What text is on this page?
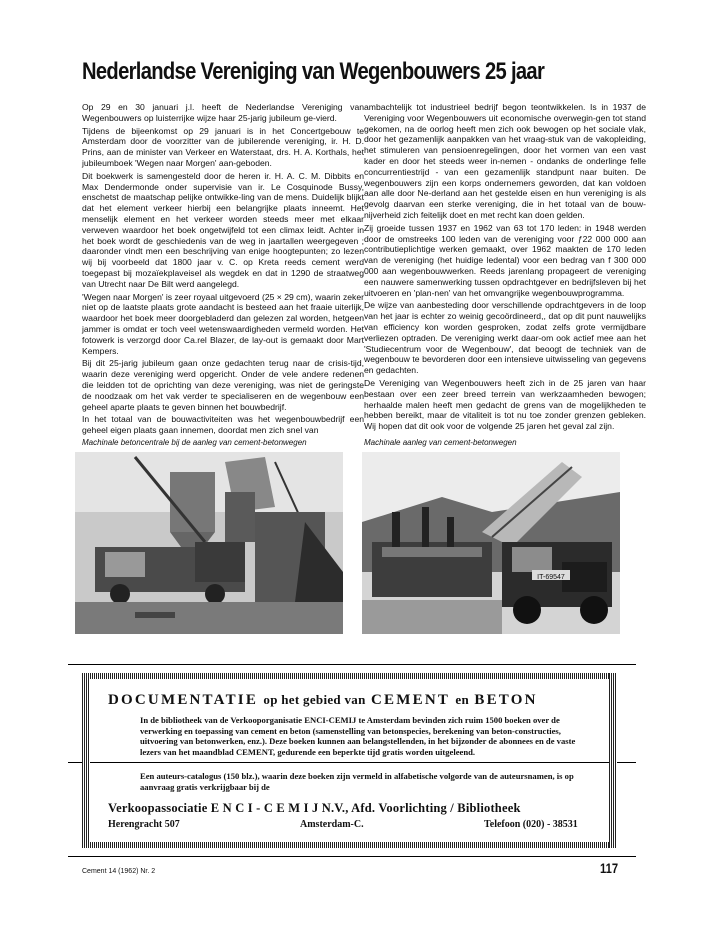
Nederlandse Vereniging van Wegenbouwers 25 jaar

Op 29 en 30 januari j.l. heeft de Nederlandse Vereniging van Wegenbouwers op luisterrijke wijze haar 25-jarig jubileum ge-vierd.

Tijdens de bijeenkomst op 29 januari is in het Concertgebouw te Amsterdam door de voorzitter van de jubilerende vereniging, ir. H. D. Prins, aan de minister van Verkeer en Waterstaat, drs. H. A. Korthals, het jubileumboek 'Wegen naar Morgen' aan-geboden.

Dit boekwerk is samengesteld door de heren ir. H. A. C. M. Dibbits en Max Dendermonde onder supervisie van ir. Le Cosquinode Bussy, enschetst de maatschap pelijke ontwikke-ling van de mens. Duidelijk blijkt dat het element verkeer hierbij een belangrijke plaats inneemt. Het menselijk element en het verkeer worden steeds meer met elkaar verweven waardoor het boek ongetwijfeld tot een climax leidt. Achter in het boek wordt de geschiedenis van de weg in jaartallen weergegeven ; daaronder vindt men een beschrijving van enige hoogtepunten; zo lezen wij bij voorbeeld dat 1800 jaar v. C. op Kreta reeds cement werd toegepast bij mozaïekplaveisel als wegdek en dat in 1290 de straatweg van Utrecht naar De Bilt werd aangelegd.

'Wegen naar Morgen' is zeer royaal uitgevoerd (25 × 29 cm), waarin zeker niet op de laatste plaats grote aandacht is besteed aan het fraaie uiterlijk, waardoor het boek meer doorgebladerd dan gelezen zal worden, hetgeen jammer is omdat er toch veel wetenswaardigheden vermeld worden. Het fotowerk is verzorgd door Ca.rel Blazer, de lay-out is gemaakt door Mart Kempers.

Bij dit 25-jarig jubileum gaan onze gedachten terug naar de crisis-tijd, waarin deze vereniging werd opgericht. Onder de vele andere redenen die leidden tot de oprichting van deze vereniging, was niet de geringste de noodzaak om het vak verder te specialiseren en de wegenbouw een geheel aparte plaats te geven binnen het bouwbedrijf.

In het totaal van de bouwactiviteiten was het wegenbouwbedrijf een geheel eigen plaats gaan innemen, doordat men zich snel van

ambachtelijk tot industrieel bedrijf begon teontwikkelen. Is in 1937 de Vereniging voor Wegenbouwers uit economische overwegin-gen tot stand gekomen, na de oorlog heeft men zich ook bewogen op het sociale vlak, door het gezamenlijk aanpakken van het vraag-stuk van de vakopleiding, het stimuleren van pensioenregelingen, door het vormen van een vast kader en door het steeds weer in-nemen - ondanks de onderlinge felle concurrentiestrijd - van een gezamenlijk standpunt naar buiten. De wegenbouwers zijn een korps ondernemers geworden, dat kan voldoen aan alle door Ne-derland aan het gestelde eisen en hun vereniging is als gevolg daarvan een sterke vereniging, die in het totaal van de bouw-nijverheid zich feitelijk doet en met recht kan doen gelden.

Zij groeide tussen 1937 en 1962 van 63 tot 170 leden: in 1948 werden door de omstreeks 100 leden van de vereniging voor ƒ22 000 000 aan contributieplichtige werken gemaakt, over 1962 maakten de 170 leden van de vereniging (het huidige ledental) voor een bedrag van f 300 000 000 aan wegenbouwwerken. Reeds jarenlang propageert de vereniging een nauwere samenwerking tussen opdrachtgever en bedrijfsleven bij het uitvoeren en 'plan-nen' van het omvangrijke wegenbouwprogramma.

De wijze van aanbesteding door verschillende opdrachtgevers in de loop van het jaar is echter zo weinig gecoördineerd,, dat op dit punt nauwelijks van efficiency kon worden gesproken, zodat zelfs grote vermijdbare verliezen optraden. De vereniging werkt daar-om ook actief mee aan het 'Studiecentrum voor de Wegenbouw', dat beoogt de techniek van de wegenbouw te bevorderen door een intensieve uitwisseling van gegevens en gedachten.

De Vereniging van Wegenbouwers heeft zich in de 25 jaren van haar bestaan over een zeer breed terrein van werkzaamheden bewogen; herhaalde malen heeft men gedacht de grens van de mogelijkheden te hebben bereikt, maar de vitaliteit is tot nu toe zonder grenzen gebleken. Wij hopen dat dit ook voor de volgende 25 jaren het geval zal zijn.

Machinale betoncentrale bij de aanleg van cement-betonwegen	Machinale aanleg van cement-betonwegen
IT-69547
DOCUMENTATIE op het gebied van CEMENT en BETON
In de bibliotheek van de Verkooporganisatie ENCI-CEMIJ te Amsterdam bevinden zich ruim 1500 boeken over de verwerking en toepassing van cement en beton (samenstelling van betonspecies, berekening van beton-constructies, uitvoering van betonwerken, enz.). Deze boeken kunnen aan belangstellenden, in het bijzonder de abonnees en de vaste lezers van het maandblad CEMENT, gedurende een beperkte tijd gratis worden uitgeleend.
Een auteurs-catalogus (150 blz.), waarin deze boeken zijn vermeld in alfabetische volgorde van de auteursnamen, is op aanvraag gratis verkrijgbaar bij de
Verkoopassociatie E N C I - C E M I J N.V., Afd. Voorlichting / Bibliotheek
Herengracht 507	Amsterdam-C.	Telefoon (020) - 38531
Cement 14 (1962) Nr. 2	117
